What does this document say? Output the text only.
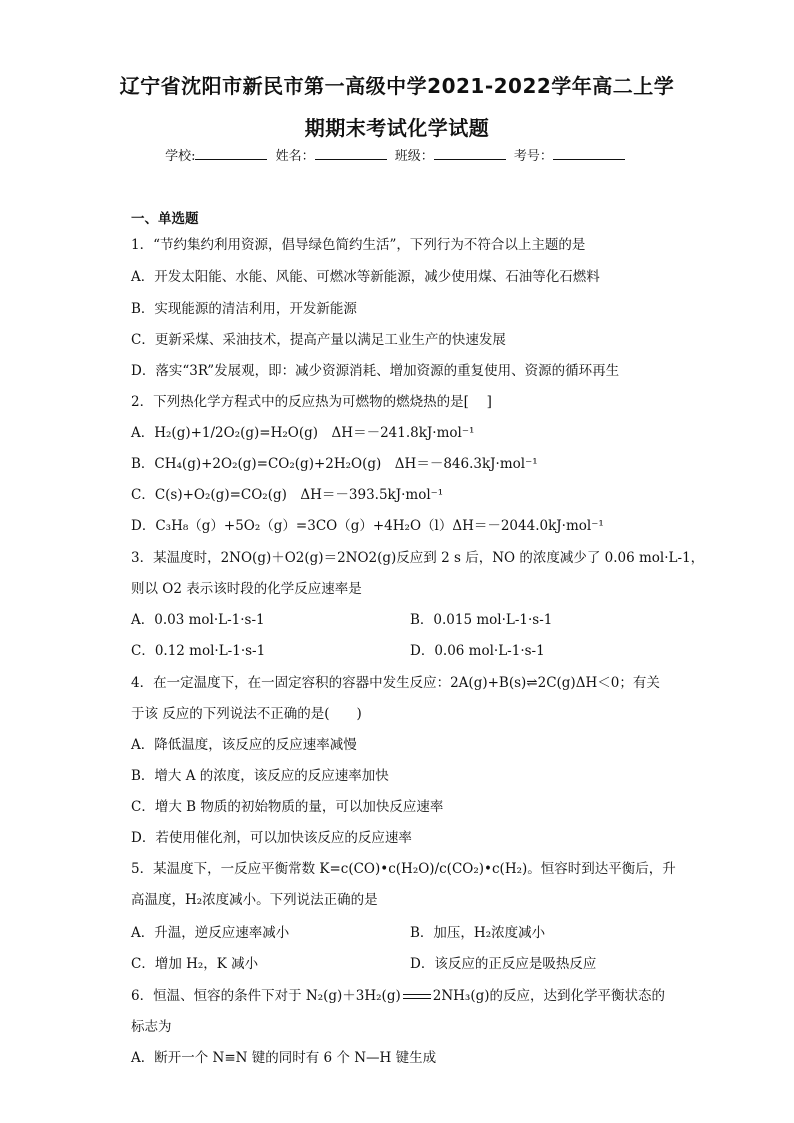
辽宁省沈阳市新民市第一高级中学2021-2022学年高二上学
期期末考试化学试题
学校:	姓名：	班级：	考号：
一、单选题
1．“节约集约利用资源，倡导绿色简约生活”，下列行为不符合以上主题的是
A．开发太阳能、水能、风能、可燃冰等新能源，减少使用煤、石油等化石燃料
B．实现能源的清洁利用，开发新能源
C．更新采煤、采油技术，提高产量以满足工业生产的快速发展
D．落实“3R”发展观，即：减少资源消耗、增加资源的重复使用、资源的循环再生
2．下列热化学方程式中的反应热为可燃物的燃烧热的是[　 ]
A．H₂(g)+1/2O₂(g)=H₂O(g)　ΔH＝－241.8kJ·mol⁻¹
B．CH₄(g)+2O₂(g)=CO₂(g)+2H₂O(g)　ΔH＝－846.3kJ·mol⁻¹
C．C(s)+O₂(g)=CO₂(g)　ΔH＝－393.5kJ·mol⁻¹
D．C₃H₈（g）+5O₂（g）=3CO（g）+4H₂O（l）ΔH＝－2044.0kJ·mol⁻¹
3．某温度时，2NO(g)＋O2(g)＝2NO2(g)反应到 2 s 后，NO 的浓度减少了 0.06 mol·L-1，
则以 O2 表示该时段的化学反应速率是
A．0.03 mol·L-1·s-1	B．0.015 mol·L-1·s-1
C．0.12 mol·L-1·s-1	D．0.06 mol·L-1·s-1
4．在一定温度下，在一固定容积的容器中发生反应：2A(g)+B(s)⇌2C(g)ΔH＜0；有关
于该 反应的下列说法不正确的是(　　)
A．降低温度，该反应的反应速率减慢
B．增大 A 的浓度，该反应的反应速率加快
C．增大 B 物质的初始物质的量，可以加快反应速率
D．若使用催化剂，可以加快该反应的反应速率
5．某温度下，一反应平衡常数 K=c(CO)•c(H₂O)/c(CO₂)•c(H₂)。恒容时到达平衡后，升
高温度，H₂浓度减小。下列说法正确的是
A．升温，逆反应速率减小	B．加压，H₂浓度减小
C．增加 H₂，K 减小	D．该反应的正反应是吸热反应
6．恒温、恒容的条件下对于 N₂(g)＋3H₂(g) 2NH₃(g)的反应，达到化学平衡状态的
标志为
A．断开一个 N≡N 键的同时有 6 个 N—H 键生成
